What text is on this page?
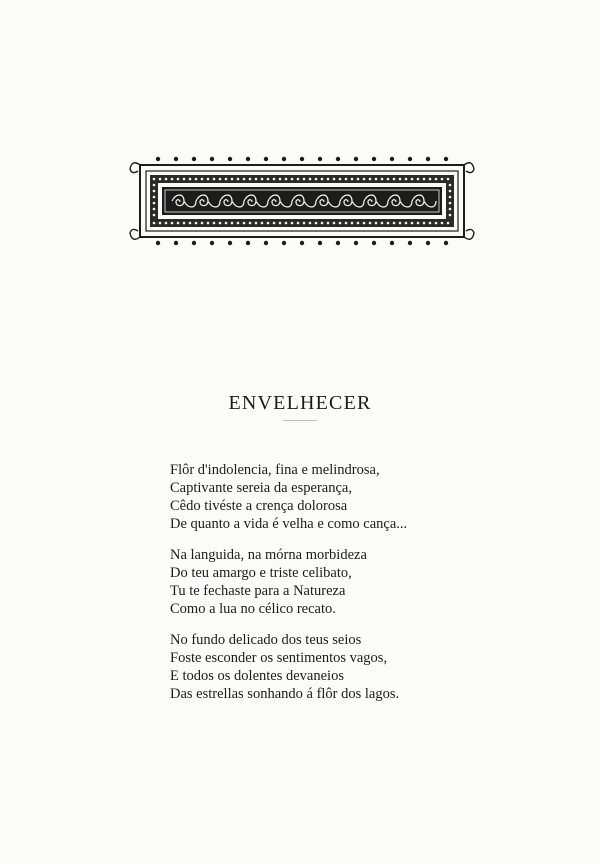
ENVELHECER
Flôr d'indolencia, fina e melindrosa,
Captivante sereia da esperança,
Cêdo tivéste a crença dolorosa
De quanto a vida é velha e como cança...
Na languida, na mórna morbideza
Do teu amargo e triste celibato,
Tu te fechaste para a Natureza
Como a lua no célico recato.
No fundo delicado dos teus seios
Foste esconder os sentimentos vagos,
E todos os dolentes devaneios
Das estrellas sonhando á flôr dos lagos.
